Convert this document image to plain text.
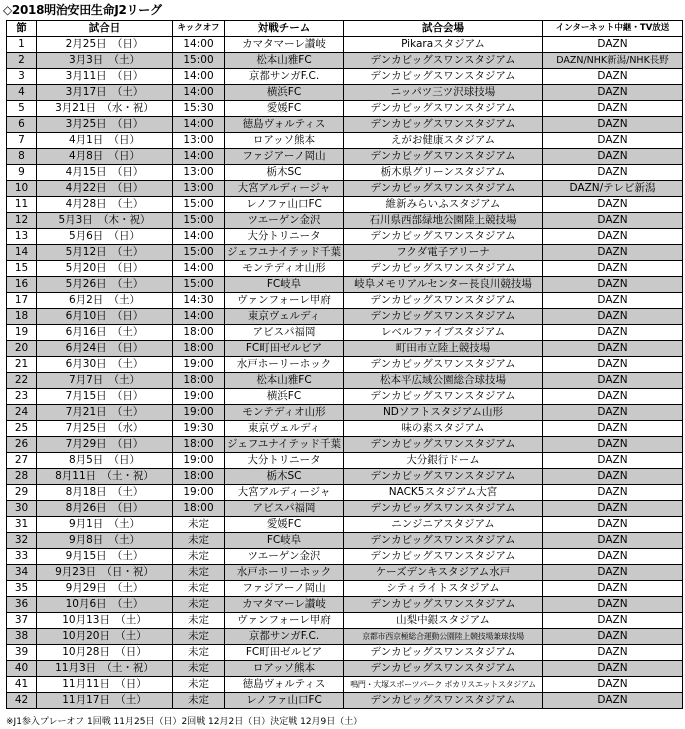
◇2018明治安田生命J2リーグ
節	試合日	キックオフ	対戦チーム	試合会場	インターネット中継・TV放送
1	2月25日　（日）	14:00	カマタマーレ讃岐	Pikaraスタジアム	DAZN
2	3月3日　（土）	15:00	松本山雅FC	デンカビッグスワンスタジアム	DAZN/NHK新潟/NHK長野
3	3月11日　（日）	14:00	京都サンガF.C.	デンカビッグスワンスタジアム	DAZN
4	3月17日　（土）	14:00	横浜FC	ニッパツ三ツ沢球技場	DAZN
5	3月21日　（水・祝）	15:30	愛媛FC	デンカビッグスワンスタジアム	DAZN
6	3月25日　（日）	14:00	徳島ヴォルティス	デンカビッグスワンスタジアム	DAZN
7	4月1日　（日）	13:00	ロアッソ熊本	えがお健康スタジアム	DAZN
8	4月8日　（日）	14:00	ファジアーノ岡山	デンカビッグスワンスタジアム	DAZN
9	4月15日　（日）	13:00	栃木SC	栃木県グリーンスタジアム	DAZN
10	4月22日　（日）	13:00	大宮アルディージャ	デンカビッグスワンスタジアム	DAZN/テレビ新潟
11	4月28日　（土）	15:00	レノファ山口FC	維新みらいふスタジアム	DAZN
12	5月3日　（木・祝）	15:00	ツエーゲン金沢	石川県西部緑地公園陸上競技場	DAZN
13	5月6日　（日）	14:00	大分トリニータ	デンカビッグスワンスタジアム	DAZN
14	5月12日　（土）	15:00	ジェフユナイテッド千葉	フクダ電子アリーナ	DAZN
15	5月20日　（日）	14:00	モンテディオ山形	デンカビッグスワンスタジアム	DAZN
16	5月26日　（土）	15:00	FC岐阜	岐阜メモリアルセンター長良川競技場	DAZN
17	6月2日　（土）	14:30	ヴァンフォーレ甲府	デンカビッグスワンスタジアム	DAZN
18	6月10日　（日）	14:00	東京ヴェルディ	デンカビッグスワンスタジアム	DAZN
19	6月16日　（土）	18:00	アビスパ福岡	レベルファイブスタジアム	DAZN
20	6月24日　（日）	18:00	FC町田ゼルビア	町田市立陸上競技場	DAZN
21	6月30日　（土）	19:00	水戸ホーリーホック	デンカビッグスワンスタジアム	DAZN
22	7月7日　（土）	18:00	松本山雅FC	松本平広域公園総合球技場	DAZN
23	7月15日　（日）	19:00	横浜FC	デンカビッグスワンスタジアム	DAZN
24	7月21日　（土）	19:00	モンテディオ山形	NDソフトスタジアム山形	DAZN
25	7月25日　（水）	19:30	東京ヴェルディ	味の素スタジアム	DAZN
26	7月29日　（日）	18:00	ジェフユナイテッド千葉	デンカビッグスワンスタジアム	DAZN
27	8月5日　（日）	19:00	大分トリニータ	大分銀行ドーム	DAZN
28	8月11日　（土・祝）	18:00	栃木SC	デンカビッグスワンスタジアム	DAZN
29	8月18日　（土）	19:00	大宮アルディージャ	NACK5スタジアム大宮	DAZN
30	8月26日　（日）	18:00	アビスパ福岡	デンカビッグスワンスタジアム	DAZN
31	9月1日　（土）	未定	愛媛FC	ニンジニアスタジアム	DAZN
32	9月8日　（土）	未定	FC岐阜	デンカビッグスワンスタジアム	DAZN
33	9月15日　（土）	未定	ツエーゲン金沢	デンカビッグスワンスタジアム	DAZN
34	9月23日　（日・祝）	未定	水戸ホーリーホック	ケーズデンキスタジアム水戸	DAZN
35	9月29日　（土）	未定	ファジアーノ岡山	シティライトスタジアム	DAZN
36	10月6日　（土）	未定	カマタマーレ讃岐	デンカビッグスワンスタジアム	DAZN
37	10月13日　（土）	未定	ヴァンフォーレ甲府	山梨中銀スタジアム	DAZN
38	10月20日　（土）	未定	京都サンガF.C.	京都市西京極総合運動公園陸上競技場兼球技場	DAZN
39	10月28日　（日）	未定	FC町田ゼルビア	デンカビッグスワンスタジアム	DAZN
40	11月3日　（土・祝）	未定	ロアッソ熊本	デンカビッグスワンスタジアム	DAZN
41	11月11日　（日）	未定	徳島ヴォルティス	鳴門・大塚スポーツパーク ポカリスエットスタジアム	DAZN
42	11月17日　（土）	未定	レノファ山口FC	デンカビッグスワンスタジアム	DAZN
※J1参入プレーオフ 1回戦 11月25日（日）2回戦 12月2日（日）決定戦 12月9日（土）
